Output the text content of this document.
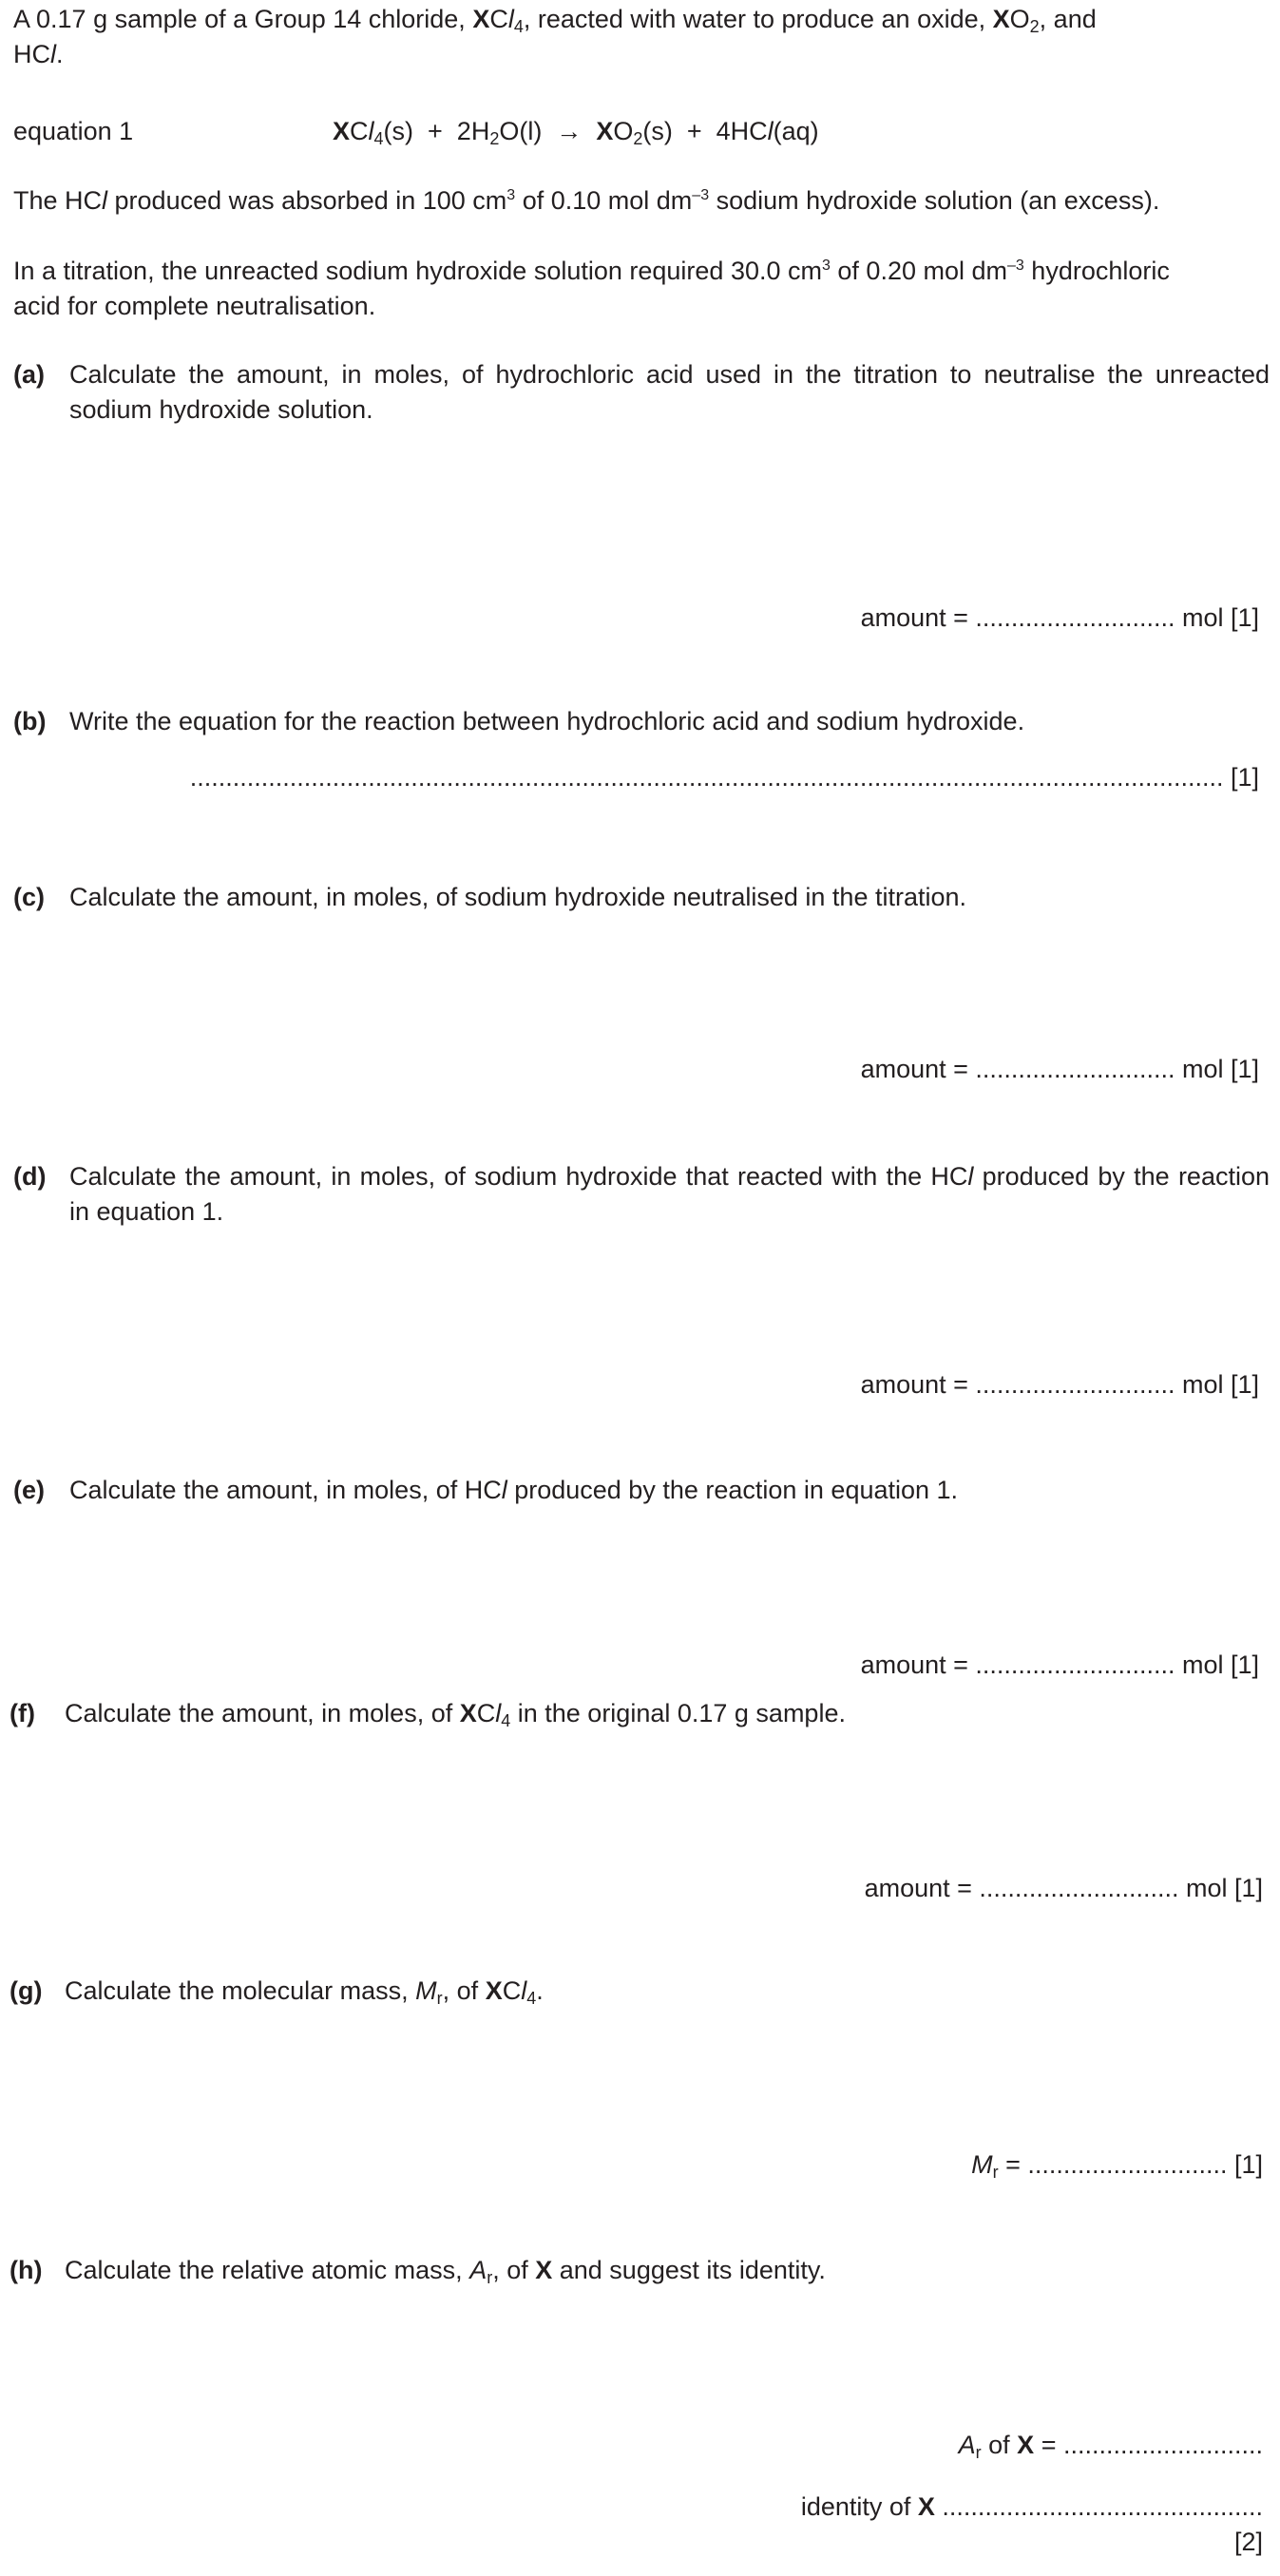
A 0.17 g sample of a Group 14 chloride, XCl$_4$, reacted with water to produce an oxide, $XO_2$, and
HCl.
equation 1	$XCl_4(s) + 2H_2O(l) \to XO_2(s) + 4HCl(aq)$
The HCl produced was absorbed in 100 $cm^3$ of 0.10 mol $dm^{-3}$ sodium hydroxide solution (an excess).
In a titration, the unreacted sodium hydroxide solution required 30.0 $cm^3$ of 0.20 mol $dm^{-3}$ hydrochloric
acid for complete neutralisation.
(a) Calculate the amount, in moles, of hydrochloric acid used in the titration to neutralise the unreacted sodium hydroxide solution.
amount = ............................ mol [1]
(b) Write the equation for the reaction between hydrochloric acid and sodium hydroxide.
................................................................................................................................................. [1]
(c) Calculate the amount, in moles, of sodium hydroxide neutralised in the titration.
amount = ............................ mol [1]
(d) Calculate the amount, in moles, of sodium hydroxide that reacted with the HCl produced by the reaction in equation 1.
amount = ............................ mol [1]
(e) Calculate the amount, in moles, of HCl produced by the reaction in equation 1.
amount = ............................ mol [1]
(f) Calculate the amount, in moles, of XCl$_4$ in the original 0.17 g sample.
amount = ............................ mol [1]
(g) Calculate the molecular mass, $M_r$, of XCl$_4$.
$M_r$ = ............................ [1]
(h) Calculate the relative atomic mass, $A_r$, of X and suggest its identity.
$A_r$ of X = ............................
identity of X .............................................
[2]
